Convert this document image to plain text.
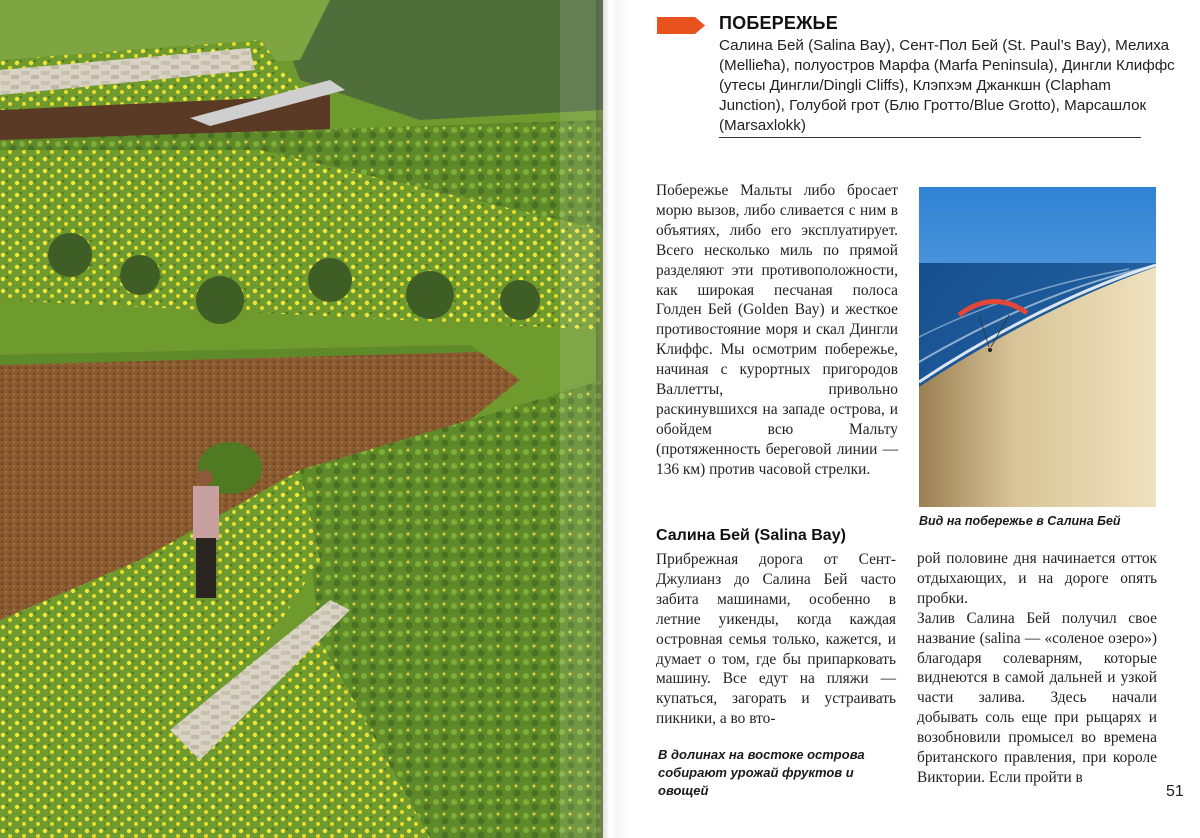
В долинах на востоке острова собирают урожай фруктов и овощей
ПОБЕРЕЖЬЕ
Салина Бей (Salina Bay), Сент-Пол Бей (St. Paul’s Bay), Мелиха (Mellieħa), полуостров Марфа (Marfa Peninsula), Дингли Клиффс (утесы Дингли/Dingli Cliffs), Клэпхэм Джанкшн (Clapham Junction), Голубой грот (Блю Гротто/Blue Grotto), Марсашлок (Marsaxlokk)

Побережье Мальты либо бросает морю вызов, либо сливается с ним в объятиях, либо его эксплуатирует. Всего несколько миль по прямой разделяют эти противоположности, как широкая песчаная полоса Голден Бей (Golden Bay) и жесткое противостояние моря и скал Дингли Клиффс. Мы осмотрим побережье, начиная с курортных пригородов Валлетты, привольно раскинувшихся на западе острова, и обойдем всю Мальту (протяженность береговой линии — 136 км) против часовой стрелки.

Вид на побережье в Салина Бей
Салина Бей (Salina Bay)

Прибрежная дорога от Сент-Джулианз до Салина Бей часто забита машинами, особенно в летние уикенды, когда каждая островная семья только, кажется, и думает о том, где бы припарковать машину. Все едут на пляжи — купаться, загорать и устраивать пикники, а во вто-

рой половине дня начинается отток отдыхающих, и на дороге опять пробки.

Залив Салина Бей получил свое название (salina — «соленое озеро») благодаря солеварням, которые виднеются в самой дальней и узкой части залива. Здесь начали добывать соль еще при рыцарях и возобновили промысел во времена британского правления, при короле Виктории. Если пройти в

51
